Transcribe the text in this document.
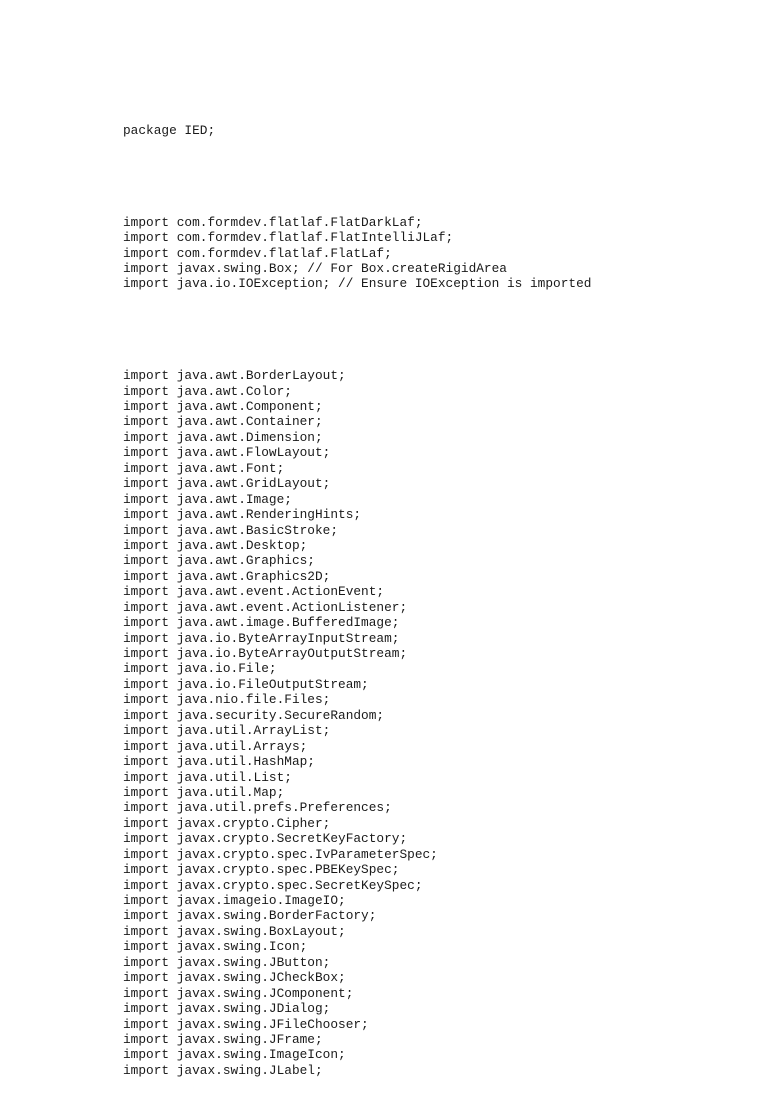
package IED;

import com.formdev.flatlaf.FlatDarkLaf;
import com.formdev.flatlaf.FlatIntelliJLaf;
import com.formdev.flatlaf.FlatLaf;
import javax.swing.Box; // For Box.createRigidArea
import java.io.IOException; // Ensure IOException is imported

import java.awt.BorderLayout;
import java.awt.Color;
import java.awt.Component;
import java.awt.Container;
import java.awt.Dimension;
import java.awt.FlowLayout;
import java.awt.Font;
import java.awt.GridLayout;
import java.awt.Image;
import java.awt.RenderingHints;
import java.awt.BasicStroke;
import java.awt.Desktop;
import java.awt.Graphics;
import java.awt.Graphics2D;
import java.awt.event.ActionEvent;
import java.awt.event.ActionListener;
import java.awt.image.BufferedImage;
import java.io.ByteArrayInputStream;
import java.io.ByteArrayOutputStream;
import java.io.File;
import java.io.FileOutputStream;
import java.nio.file.Files;
import java.security.SecureRandom;
import java.util.ArrayList;
import java.util.Arrays;
import java.util.HashMap;
import java.util.List;
import java.util.Map;
import java.util.prefs.Preferences;
import javax.crypto.Cipher;
import javax.crypto.SecretKeyFactory;
import javax.crypto.spec.IvParameterSpec;
import javax.crypto.spec.PBEKeySpec;
import javax.crypto.spec.SecretKeySpec;
import javax.imageio.ImageIO;
import javax.swing.BorderFactory;
import javax.swing.BoxLayout;
import javax.swing.Icon;
import javax.swing.JButton;
import javax.swing.JCheckBox;
import javax.swing.JComponent;
import javax.swing.JDialog;
import javax.swing.JFileChooser;
import javax.swing.JFrame;
import javax.swing.ImageIcon;
import javax.swing.JLabel;
